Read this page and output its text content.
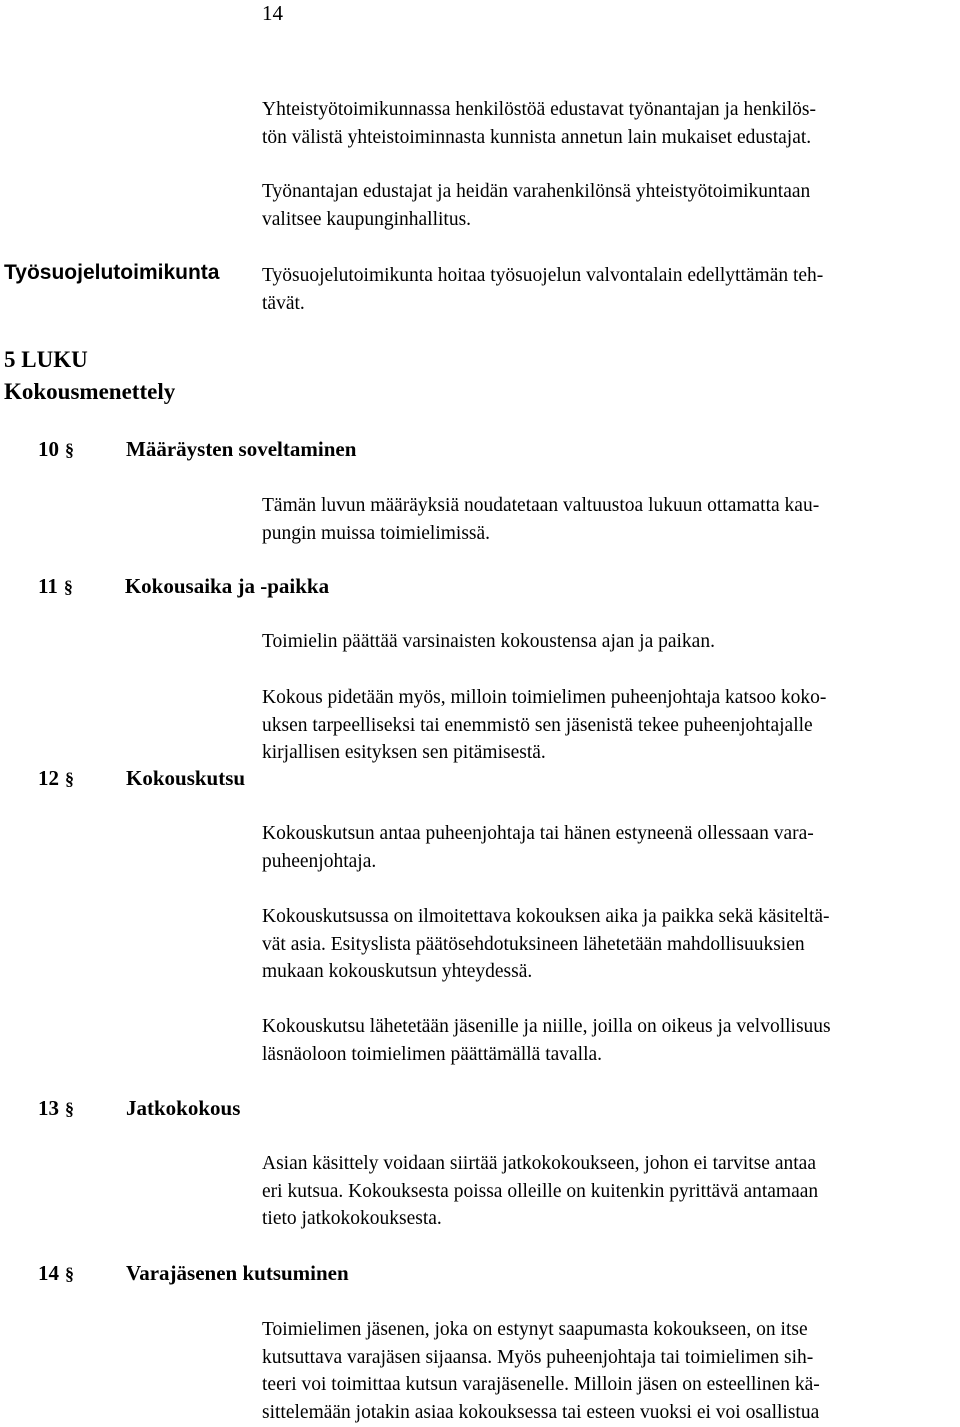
14

Yhteistyötoimikunnassa henkilöstöä edustavat työnantajan ja henkilös-
tön välistä yhteistoiminnasta kunnista annetun lain mukaiset edustajat.

Työnantajan edustajat ja heidän varahenkilönsä yhteistyötoimikuntaan
valitsee kaupunginhallitus.

Työsuojelutoimikunta Työsuojelutoimikunta hoitaa työsuojelun valvontalain edellyttämän teh-
tävät.

5 LUKU
Kokousmenettely
10 § Määräysten soveltaminen

Tämän luvun määräyksiä noudatetaan valtuustoa lukuun ottamatta kau-
pungin muissa toimielimissä.

11 § Kokousaika ja -paikka

Toimielin päättää varsinaisten kokoustensa ajan ja paikan.

Kokous pidetään myös, milloin toimielimen puheenjohtaja katsoo koko-
uksen tarpeelliseksi tai enemmistö sen jäsenistä tekee puheenjohtajalle
kirjallisen esityksen sen pitämisestä.

12 § Kokouskutsu

Kokouskutsun antaa puheenjohtaja tai hänen estyneenä ollessaan vara-
puheenjohtaja.

Kokouskutsussa on ilmoitettava kokouksen aika ja paikka sekä käsiteltä-
vät asia. Esityslista päätösehdotuksineen lähetetään mahdollisuuksien
mukaan kokouskutsun yhteydessä.

Kokouskutsu lähetetään jäsenille ja niille, joilla on oikeus ja velvollisuus
läsnäoloon toimielimen päättämällä tavalla.

13 § Jatkokokous

Asian käsittely voidaan siirtää jatkokokoukseen, johon ei tarvitse antaa
eri kutsua. Kokouksesta poissa olleille on kuitenkin pyrittävä antamaan
tieto jatkokokouksesta.

14 § Varajäsenen kutsuminen

Toimielimen jäsenen, joka on estynyt saapumasta kokoukseen, on itse
kutsuttava varajäsen sijaansa. Myös puheenjohtaja tai toimielimen sih-
teeri voi toimittaa kutsun varajäsenelle. Milloin jäsen on esteellinen kä-
sittelemään jotakin asiaa kokouksessa tai esteen vuoksi ei voi osallistua
